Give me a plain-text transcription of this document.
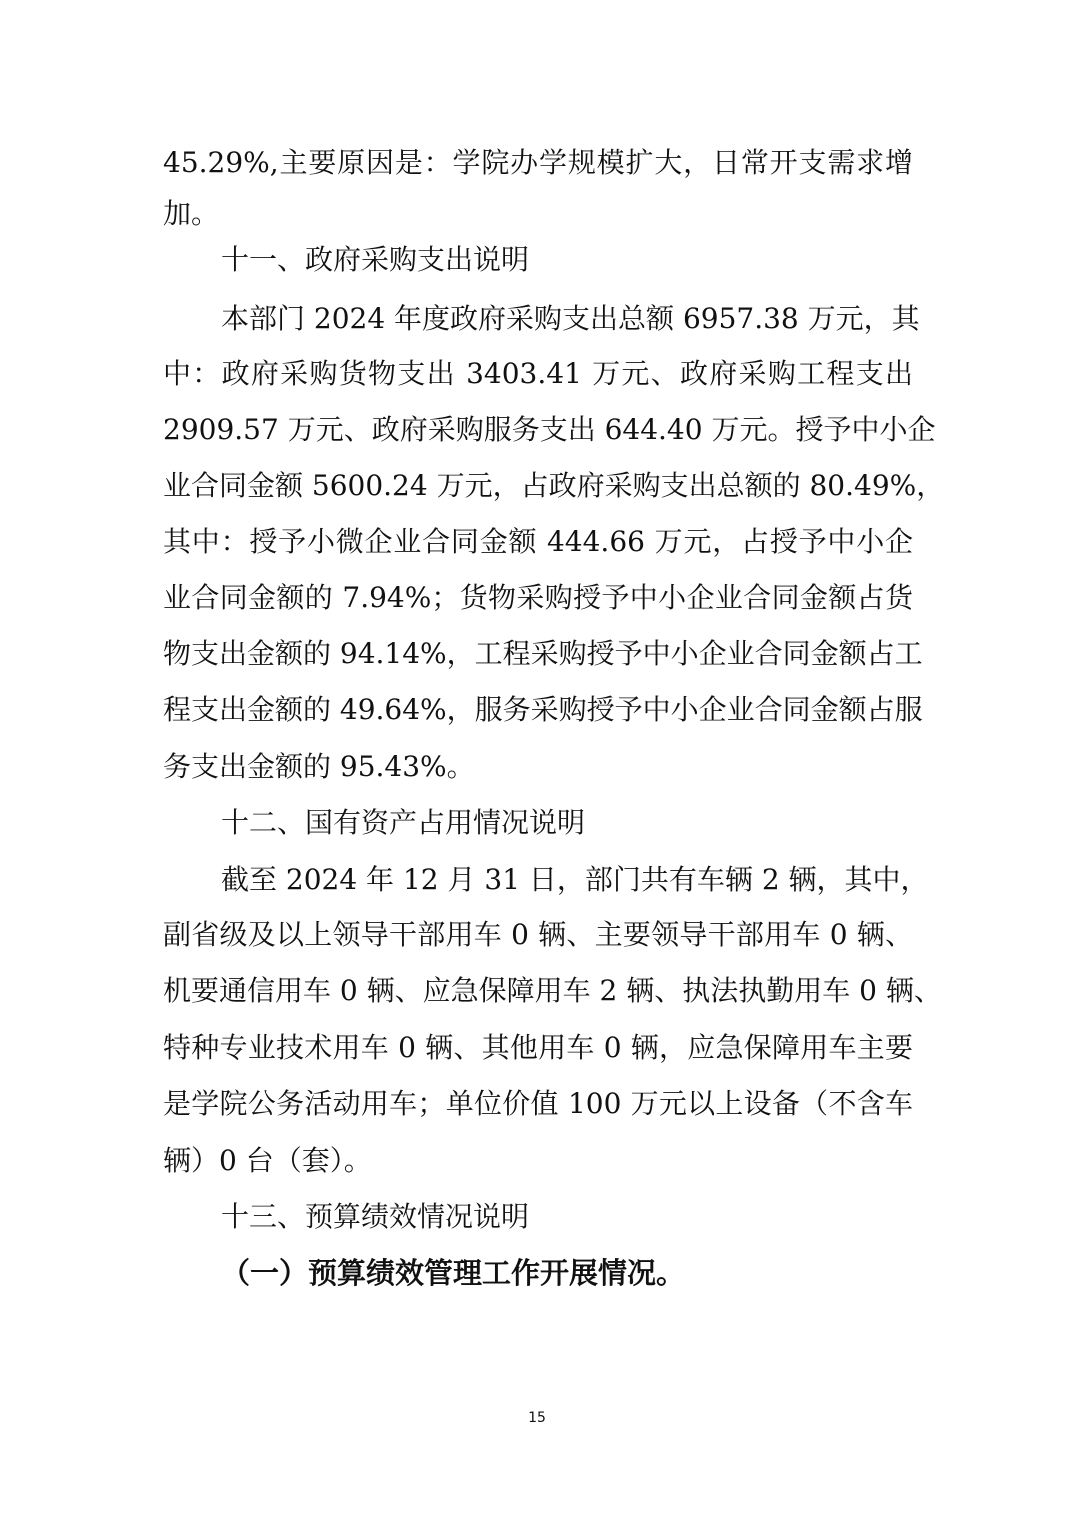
45.29%,主要原因是：学院办学规模扩大，日常开支需求增
加。
十一、政府采购支出说明
本部门 2024 年度政府采购支出总额 6957.38 万元，其
中：政府采购货物支出 3403.41 万元、政府采购工程支出
2909.57 万元、政府采购服务支出 644.40 万元。授予中小企
业合同金额 5600.24 万元，占政府采购支出总额的 80.49%，
其中：授予小微企业合同金额 444.66 万元，占授予中小企
业合同金额的 7.94%；货物采购授予中小企业合同金额占货
物支出金额的 94.14%，工程采购授予中小企业合同金额占工
程支出金额的 49.64%，服务采购授予中小企业合同金额占服
务支出金额的 95.43%。
十二、国有资产占用情况说明
截至 2024 年 12 月 31 日，部门共有车辆 2 辆，其中，
副省级及以上领导干部用车 0 辆、主要领导干部用车 0 辆、
机要通信用车 0 辆、应急保障用车 2 辆、执法执勤用车 0 辆、
特种专业技术用车 0 辆、其他用车 0 辆，应急保障用车主要
是学院公务活动用车；单位价值 100 万元以上设备（不含车
辆）0 台（套）。
十三、预算绩效情况说明
（一）预算绩效管理工作开展情况。
15
